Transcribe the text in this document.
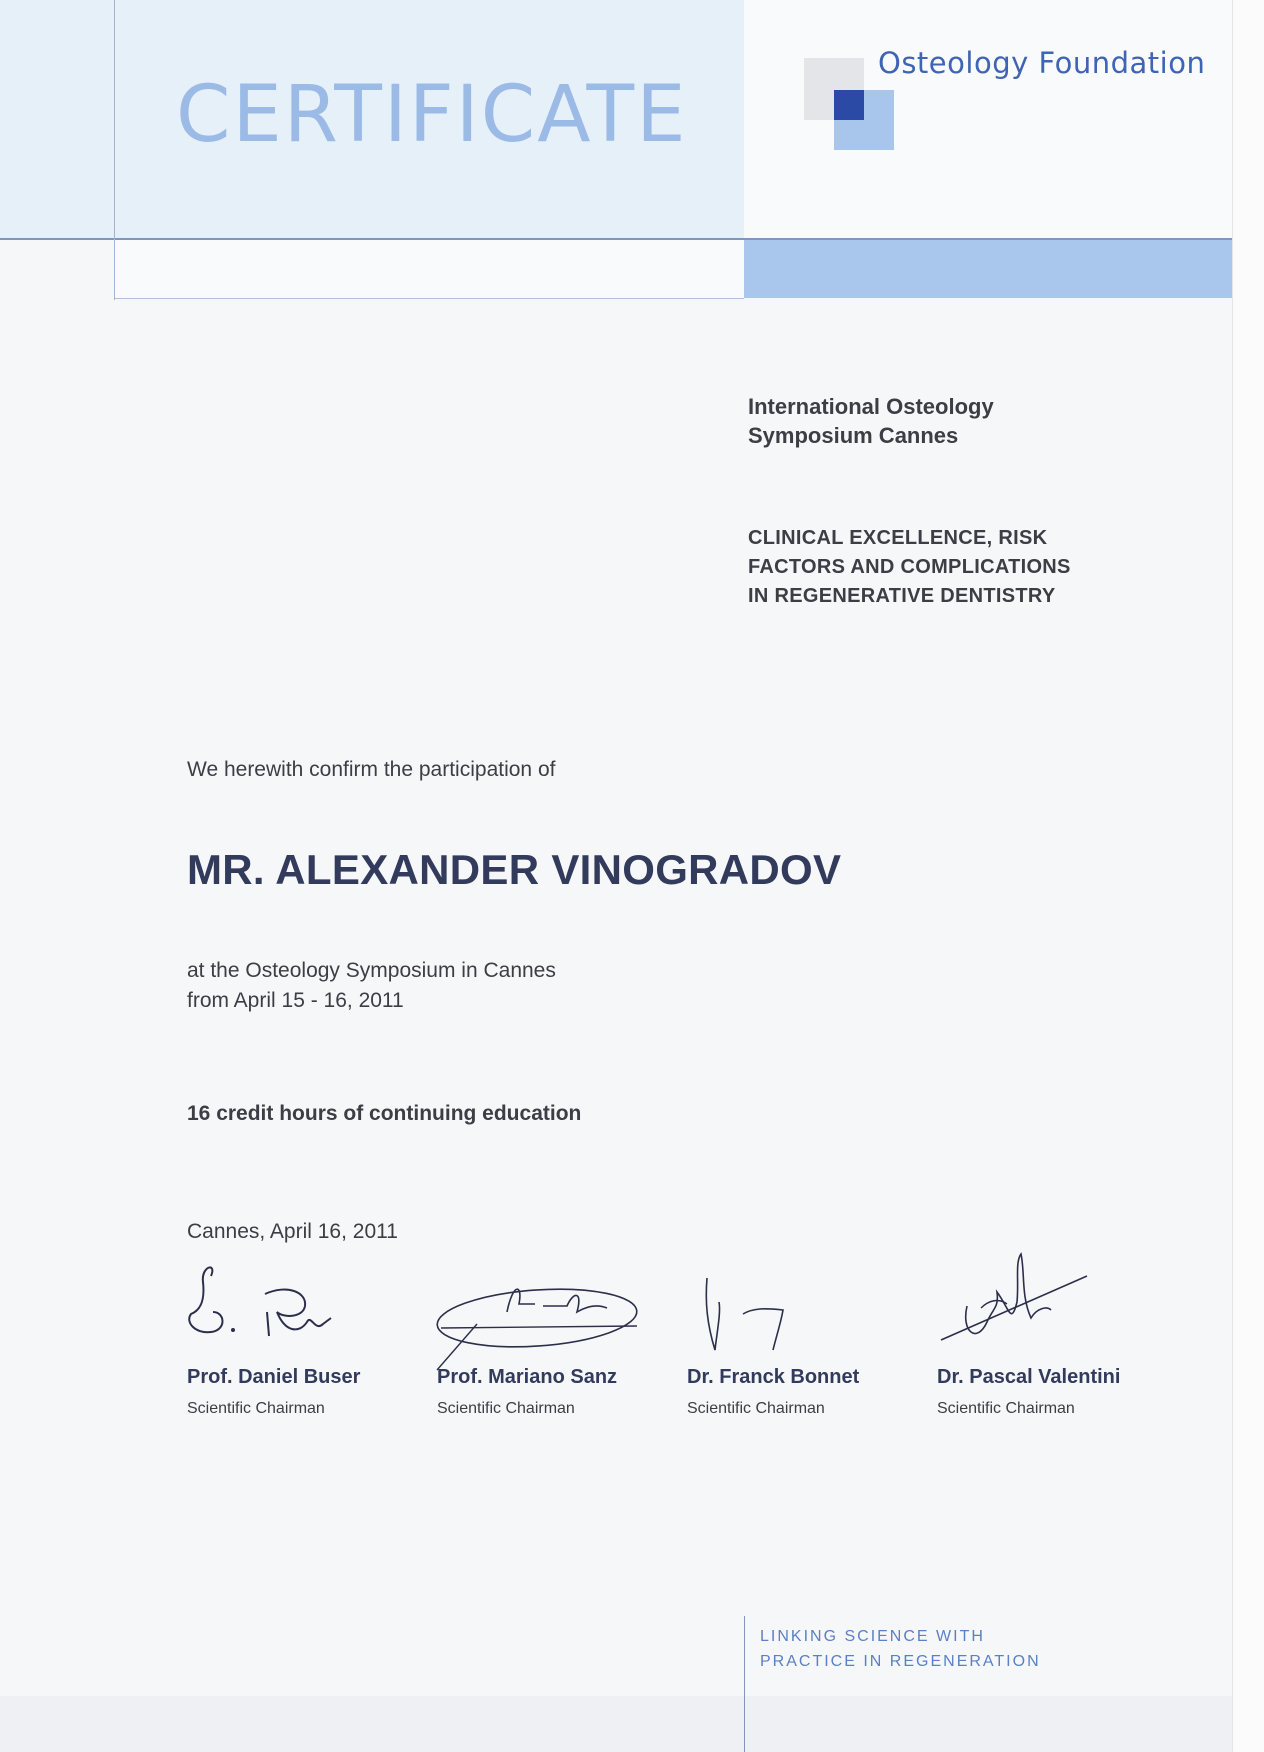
CERTIFICATE
Osteology Foundation
International Osteology
Symposium Cannes
CLINICAL EXCELLENCE, RISK
FACTORS AND COMPLICATIONS
IN REGENERATIVE DENTISTRY
We herewith confirm the participation of
MR. ALEXANDER VINOGRADOV
at the Osteology Symposium in Cannes
from April 15 - 16, 2011
16 credit hours of continuing education
Cannes, April 16, 2011
Prof. Daniel Buser
Scientific Chairman
Prof. Mariano Sanz
Scientific Chairman
Dr. Franck Bonnet
Scientific Chairman
Dr. Pascal Valentini
Scientific Chairman
LINKING SCIENCE WITH
PRACTICE IN REGENERATION
